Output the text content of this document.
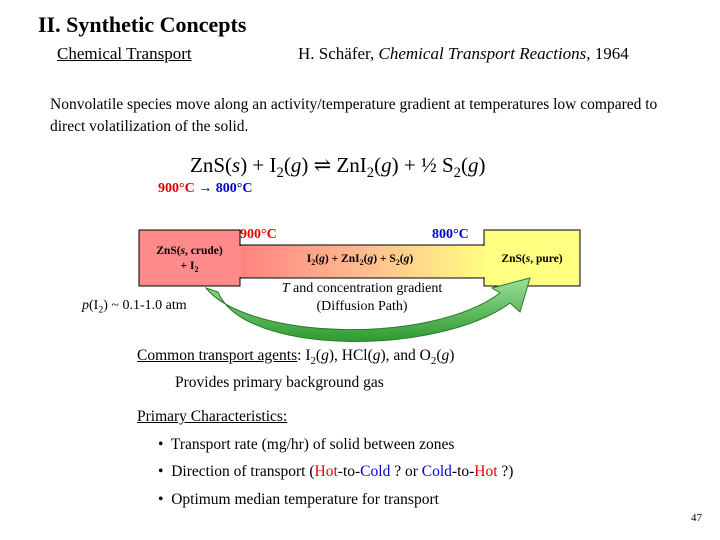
II. Synthetic Concepts
Chemical Transport	H. Schäfer, Chemical Transport Reactions, 1964
Nonvolatile species move along an activity/temperature gradient at temperatures low compared to direct volatilization of the solid.
$ZnS(s) + I_2(g)$ ⇌ ZnI$_2$(g) + ½ $S_2(g)$
900°C → 800°C
900°C	800°C
ZnS(s, crude)
+ $I_2$
$I_2(g) + ZnI_2(g) + S_2(g)$	ZnS(s, pure)
$p(I_2)$ ~ 0.1-1.0 atm
T and concentration gradient
(Diffusion Path)
Common transport agents: $I_2(g)$, HCl(g), and $O_2(g)$
Provides primary background gas
Primary Characteristics:
•  Transport rate (mg/hr) of solid between zones
•  Direction of transport (Hot-to-Cold ? or Cold-to-Hot ?)
•  Optimum median temperature for transport
47
